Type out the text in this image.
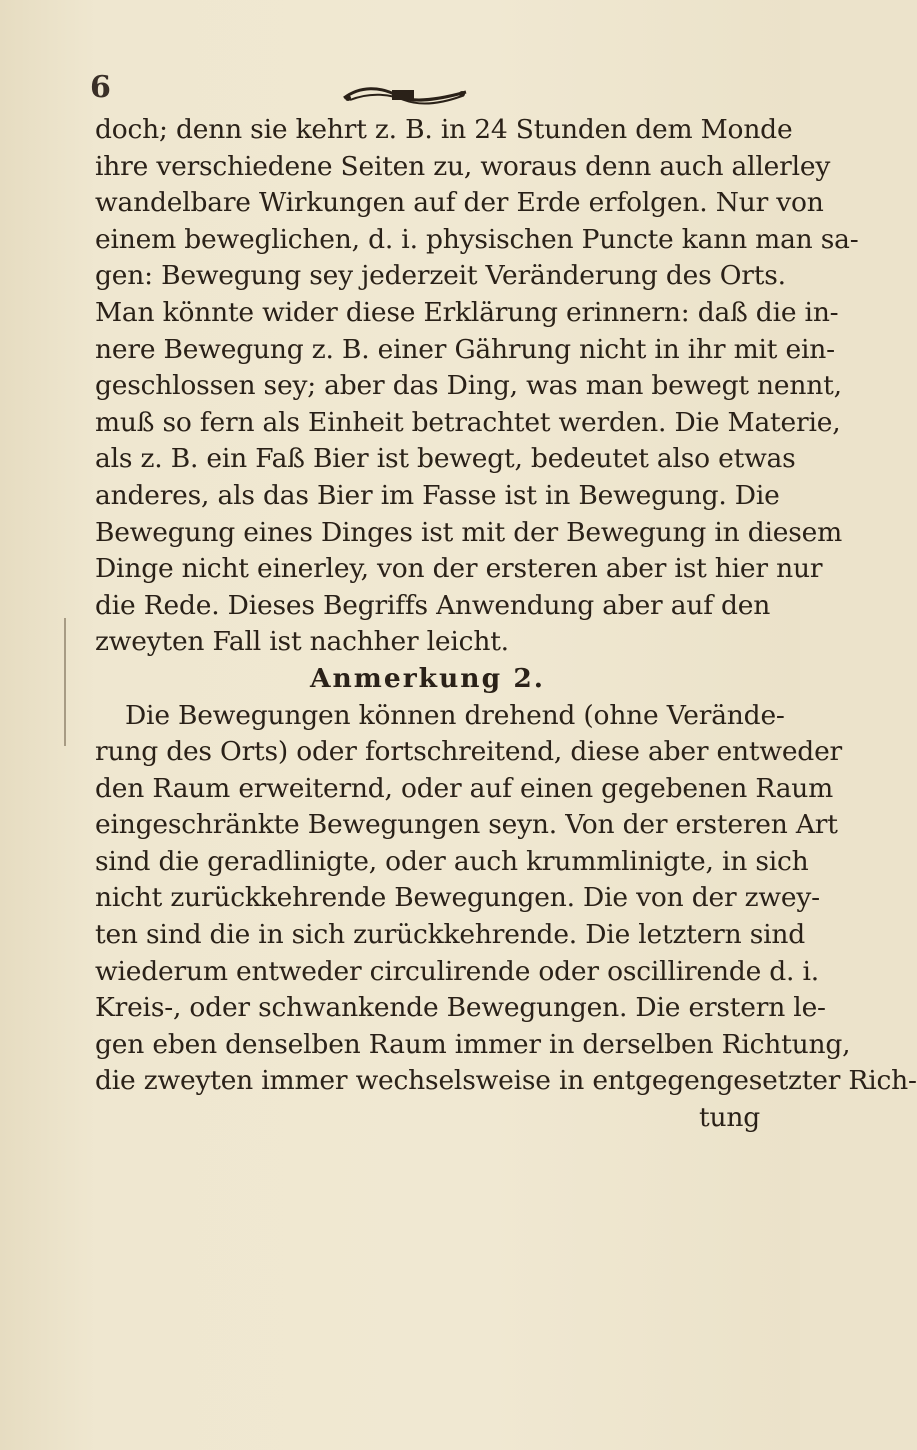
6
doch; denn sie kehrt z. B. in 24 Stunden dem Monde
ihre verschiedene Seiten zu, woraus denn auch allerley
wandelbare Wirkungen auf der Erde erfolgen. Nur von
einem beweglichen, d. i. physischen Puncte kann man sa-
gen: Bewegung sey jederzeit Veränderung des Orts.
Man könnte wider diese Erklärung erinnern: daß die in-
nere Bewegung z. B. einer Gährung nicht in ihr mit ein-
geschlossen sey; aber das Ding, was man bewegt nennt,
muß so fern als Einheit betrachtet werden. Die Materie,
als z. B. ein Faß Bier ist bewegt, bedeutet also etwas
anderes, als das Bier im Fasse ist in Bewegung. Die
Bewegung eines Dinges ist mit der Bewegung in diesem
Dinge nicht einerley, von der ersteren aber ist hier nur
die Rede. Dieses Begriffs Anwendung aber auf den
zweyten Fall ist nachher leicht.
Anmerkung 2.
Die Bewegungen können drehend (ohne Verände-
rung des Orts) oder fortschreitend, diese aber entweder
den Raum erweiternd, oder auf einen gegebenen Raum
eingeschränkte Bewegungen seyn. Von der ersteren Art
sind die geradlinigte, oder auch krummlinigte, in sich
nicht zurückkehrende Bewegungen. Die von der zwey-
ten sind die in sich zurückkehrende. Die letztern sind
wiederum entweder circulirende oder oscillirende d. i.
Kreis-, oder schwankende Bewegungen. Die erstern le-
gen eben denselben Raum immer in derselben Richtung,
die zweyten immer wechselsweise in entgegengesetzter Rich-
tung
